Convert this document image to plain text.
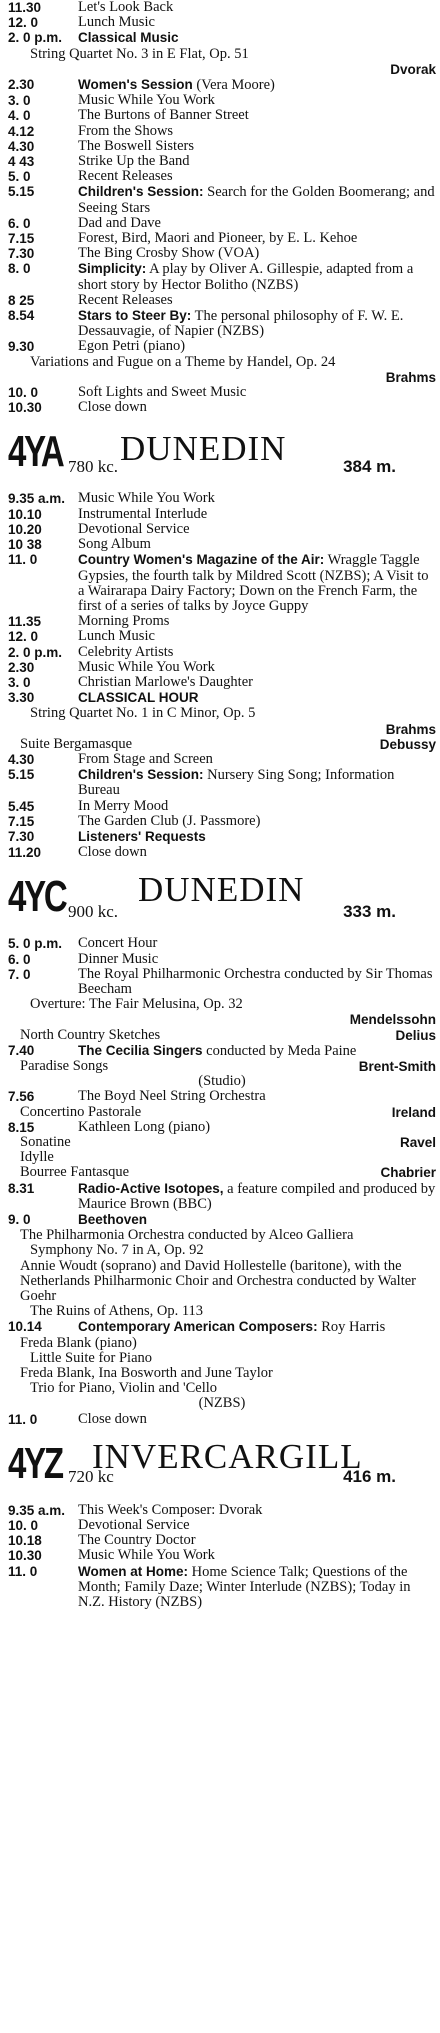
11.30	Let's Look Back
12. 0	Lunch Music
2. 0 p.m.	Classical Music
String Quartet No. 3 in E Flat, Op. 51
Dvorak
2.30	Women's Session (Vera Moore)
3. 0	Music While You Work
4. 0	The Burtons of Banner Street
4.12	From the Shows
4.30	The Boswell Sisters
4 43	Strike Up the Band
5. 0	Recent Releases
5.15	Children's Session: Search for the Golden Boomerang; and Seeing Stars
6. 0	Dad and Dave
7.15	Forest, Bird, Maori and Pioneer, by E. L. Kehoe
7.30	The Bing Crosby Show (VOA)
8. 0	Simplicity: A play by Oliver A. Gillespie, adapted from a short story by Hector Bolitho (NZBS)
8 25	Recent Releases
8.54	Stars to Steer By: The personal philosophy of F. W. E. Dessauvagie, of Napier (NZBS)
9.30	Egon Petri (piano)
Variations and Fugue on a Theme by Handel, Op. 24
Brahms
10. 0	Soft Lights and Sweet Music
10.30	Close down
4YA DUNEDIN
780 kc.	384 m.
9.35 a.m. Music While You Work
10.10	Instrumental Interlude
10.20	Devotional Service
10 38	Song Album
11. 0	Country Women's Magazine of the Air: Wraggle Taggle Gypsies, the fourth talk by Mildred Scott (NZBS); A Visit to a Wairarapa Dairy Factory; Down on the French Farm, the first of a series of talks by Joyce Guppy
11.35	Morning Proms
12. 0	Lunch Music
2. 0 p.m.	Celebrity Artists
2.30	Music While You Work
3. 0	Christian Marlowe's Daughter
3.30	CLASSICAL HOUR
String Quartet No. 1 in C Minor, Op. 5
Brahms
Suite Bergamasque	Debussy
4.30	From Stage and Screen
5.15	Children's Session: Nursery Sing Song; Information Bureau
5.45	In Merry Mood
7.15	The Garden Club (J. Passmore)
7.30	Listeners' Requests
11.20	Close down
4YC DUNEDIN
900 kc.	333 m.
5. 0 p.m.	Concert Hour
6. 0	Dinner Music
7. 0	The Royal Philharmonic Orchestra conducted by Sir Thomas Beecham
Overture: The Fair Melusina, Op. 32
Mendelssohn
North Country Sketches	Delius
7.40	The Cecilia Singers conducted by Meda Paine
Paradise Songs	Brent-Smith
(Studio)
7.56	The Boyd Neel String Orchestra
Concertino Pastorale	Ireland
8.15	Kathleen Long (piano)
Sonatine	Ravel
Idylle
Bourree Fantasque	Chabrier
8.31	Radio-Active Isotopes, a feature compiled and produced by Maurice Brown (BBC)
9. 0	Beethoven
The Philharmonia Orchestra conducted by Alceo Galliera
Symphony No. 7 in A, Op. 92
Annie Woudt (soprano) and David Hollestelle (baritone), with the Netherlands Philharmonic Choir and Orchestra conducted by Walter Goehr
The Ruins of Athens, Op. 113
10.14	Contemporary American Composers: Roy Harris
Freda Blank (piano)
Little Suite for Piano
Freda Blank, Ina Bosworth and June Taylor
Trio for Piano, Violin and 'Cello
(NZBS)
11. 0	Close down
4YZ INVERCARGILL
720 kc	416 m.
9.35 a.m. This Week's Composer: Dvorak
10. 0	Devotional Service
10.18	The Country Doctor
10.30	Music While You Work
11. 0	Women at Home: Home Science Talk; Questions of the Month; Family Daze; Winter Interlude (NZBS); Today in N.Z. History (NZBS)
